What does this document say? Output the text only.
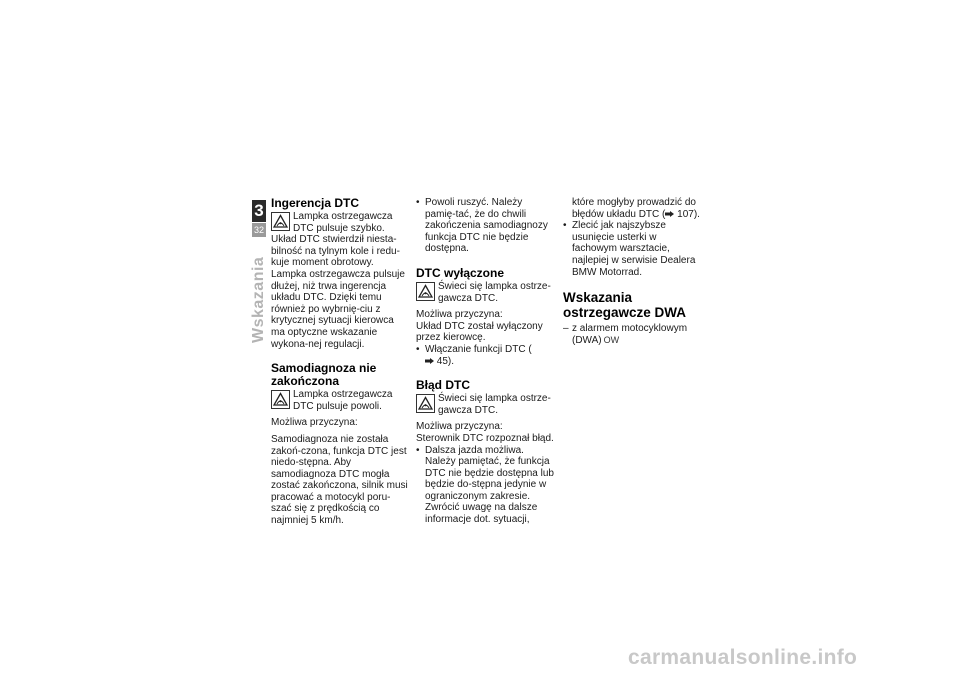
3
32
Wskazania
Ingerencja DTC
Lampka ostrzegawcza DTC pulsuje szybko.

Układ DTC stwierdził niesta-bilność na tylnym kole i redu-kuje moment obrotowy. Lampka ostrzegawcza pulsuje dłużej, niż trwa ingerencja układu DTC. Dzięki temu również po wybrnię-ciu z krytycznej sytuacji kierowca ma optyczne wskazanie wykona-nej regulacji.

Samodiagnoza nie zakończona
Lampka ostrzegawcza DTC pulsuje powoli.

Możliwa przyczyna:

Samodiagnoza nie została zakoń-czona, funkcja DTC jest niedo-stępna. Aby samodiagnoza DTC mogła zostać zakończona, silnik musi pracować a motocykl poru-szać się z prędkością co najmniej 5 km/h.

• Powoli ruszyć. Należy pamię-tać, że do chwili zakończenia samodiagnozy funkcja DTC nie będzie dostępna.
DTC wyłączone
Świeci się lampka ostrze-gawcza DTC.

Możliwa przyczyna:

Układ DTC został wyłączony przez kierowcę.

• Włączanie funkcji DTC ( 45).
Błąd DTC
Świeci się lampka ostrze-gawcza DTC.

Możliwa przyczyna:

Sterownik DTC rozpoznał błąd.

• Dalsza jazda możliwa. Należy pamiętać, że funkcja DTC nie będzie dostępna lub będzie do-stępna jedynie w ograniczonym zakresie. Zwrócić uwagę na dalsze informacje dot. sytuacji,

które mogłyby prowadzić do błędów układu DTC ( 107).

• Zlecić jak najszybsze usunięcie usterki w fachowym warsztacie, najlepiej w serwisie Dealera BMW Motorrad.
Wskazania ostrzegawcze DWA
– z alarmem motocyklowym (DWA) OW
carmanualsonline.info
